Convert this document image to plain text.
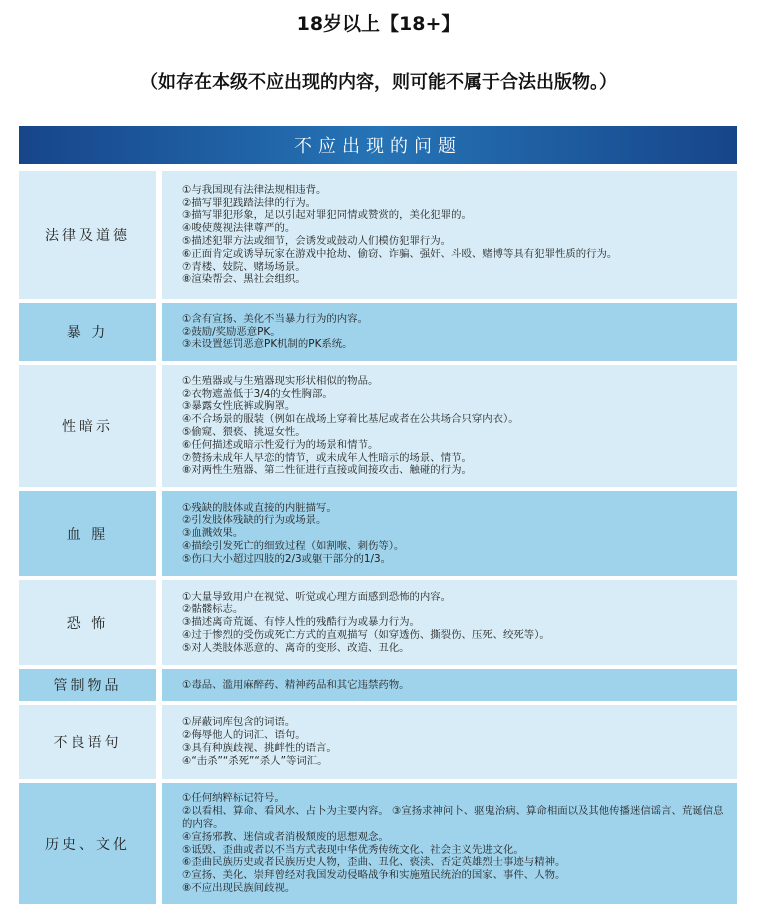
18岁以上【18+】
（如存在本级不应出现的内容，则可能不属于合法出版物。）
不应出现的问题
法律及道德
①与我国现有法律法规相违背。
②描写罪犯践踏法律的行为。
③描写罪犯形象，足以引起对罪犯同情或赞赏的，美化犯罪的。
④唆使蔑视法律尊严的。
⑤描述犯罪方法或细节，会诱发或鼓动人们模仿犯罪行为。
⑥正面肯定或诱导玩家在游戏中抢劫、偷窃、诈骗、强奸、斗殴、赌博等具有犯罪性质的行为。
⑦青楼、妓院、赌场场景。
⑧渲染帮会、黑社会组织。
暴 力
①含有宣扬、美化不当暴力行为的内容。
②鼓励/奖励恶意PK。
③未设置惩罚恶意PK机制的PK系统。
性暗示
①生殖器或与生殖器现实形状相似的物品。
②衣物遮盖低于3/4的女性胸部。
③暴露女性底裤或胸罩。
④不合场景的服装（例如在战场上穿着比基尼或者在公共场合只穿内衣）。
⑤偷窥、猥亵、挑逗女性。
⑥任何描述或暗示性爱行为的场景和情节。
⑦赞扬未成年人早恋的情节，或未成年人性暗示的场景、情节。
⑧对两性生殖器、第二性征进行直接或间接攻击、触碰的行为。
血 腥
①残缺的肢体或直接的内脏描写。
②引发肢体残缺的行为或场景。
③血溅效果。
④描绘引发死亡的细致过程（如割喉、刺伤等）。
⑤伤口大小超过四肢的2/3或躯干部分的1/3。
恐 怖
①大量导致用户在视觉、听觉或心理方面感到恐怖的内容。
②骷髅标志。
③描述离奇荒诞、有悖人性的残酷行为或暴力行为。
④过于惨烈的受伤或死亡方式的直观描写（如穿透伤、撕裂伤、压死、绞死等）。
⑤对人类肢体恶意的、离奇的变形、改造、丑化。
管制物品	①毒品、滥用麻醉药、精神药品和其它违禁药物。
不良语句
①屏蔽词库包含的词语。
②侮辱他人的词汇、语句。
③具有种族歧视、挑衅性的语言。
④“击杀”“杀死”“杀人”等词汇。
历史、文化
①任何纳粹标记符号。
②以看相、算命、看风水、占卜为主要内容。 ③宣扬求神问卜、驱鬼治病、算命相面以及其他传播迷信谣言、荒诞信息的内容。
④宣扬邪教、迷信或者消极颓废的思想观念。
⑤诋毁、歪曲或者以不当方式表现中华优秀传统文化、社会主义先进文化。
⑥歪曲民族历史或者民族历史人物，歪曲、丑化、亵渎、否定英雄烈士事迹与精神。
⑦宣扬、美化、崇拜曾经对我国发动侵略战争和实施殖民统治的国家、事件、人物。
⑧不应出现民族间歧视。
